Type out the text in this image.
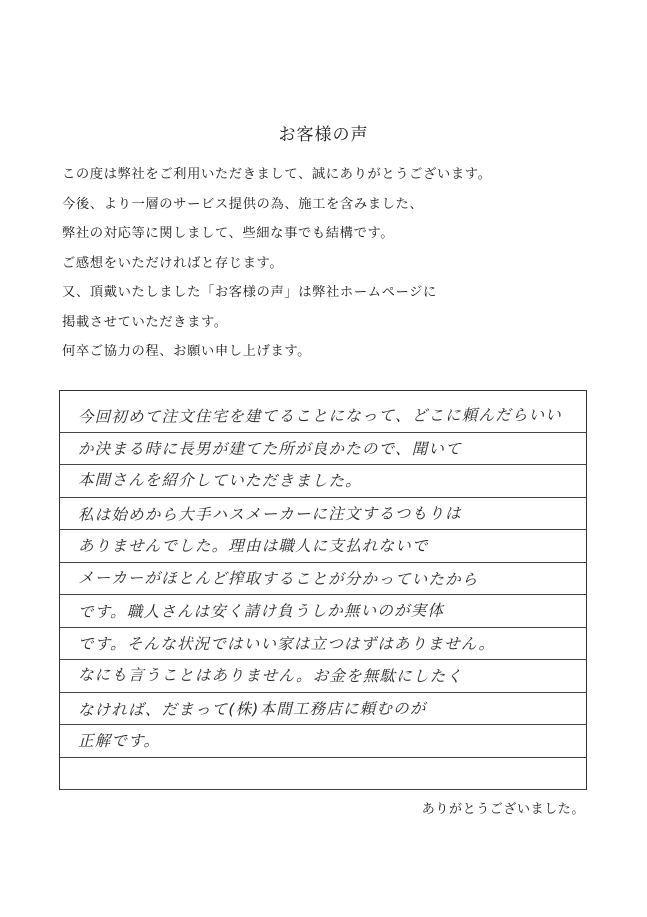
お客様の声

この度は弊社をご利用いただきまして、誠にありがとうございます。

今後、より一層のサービス提供の為、施工を含みました、

弊社の対応等に関しまして、些細な事でも結構です。

ご感想をいただければと存じます。

又、頂戴いたしました「お客様の声」は弊社ホームページに

掲載させていただきます。

何卒ご協力の程、お願い申し上げます。

今回初めて注文住宅を建てることになって、どこに頼んだらいい
か決まる時に長男が建てた所が良かたので、聞いて
本間さんを紹介していただきました。
私は始めから大手ハスメーカーに注文するつもりは
ありませんでした。理由は職人に支払れないで
メーカーがほとんど搾取することが分かっていたから
です。職人さんは安く請け負うしか無いのが実体
です。そんな状況ではいい家は立つはずはありません。
なにも言うことはありません。お金を無駄にしたく
なければ、だまって(株)本間工務店に頼むのが
正解です。
ありがとうございました。
